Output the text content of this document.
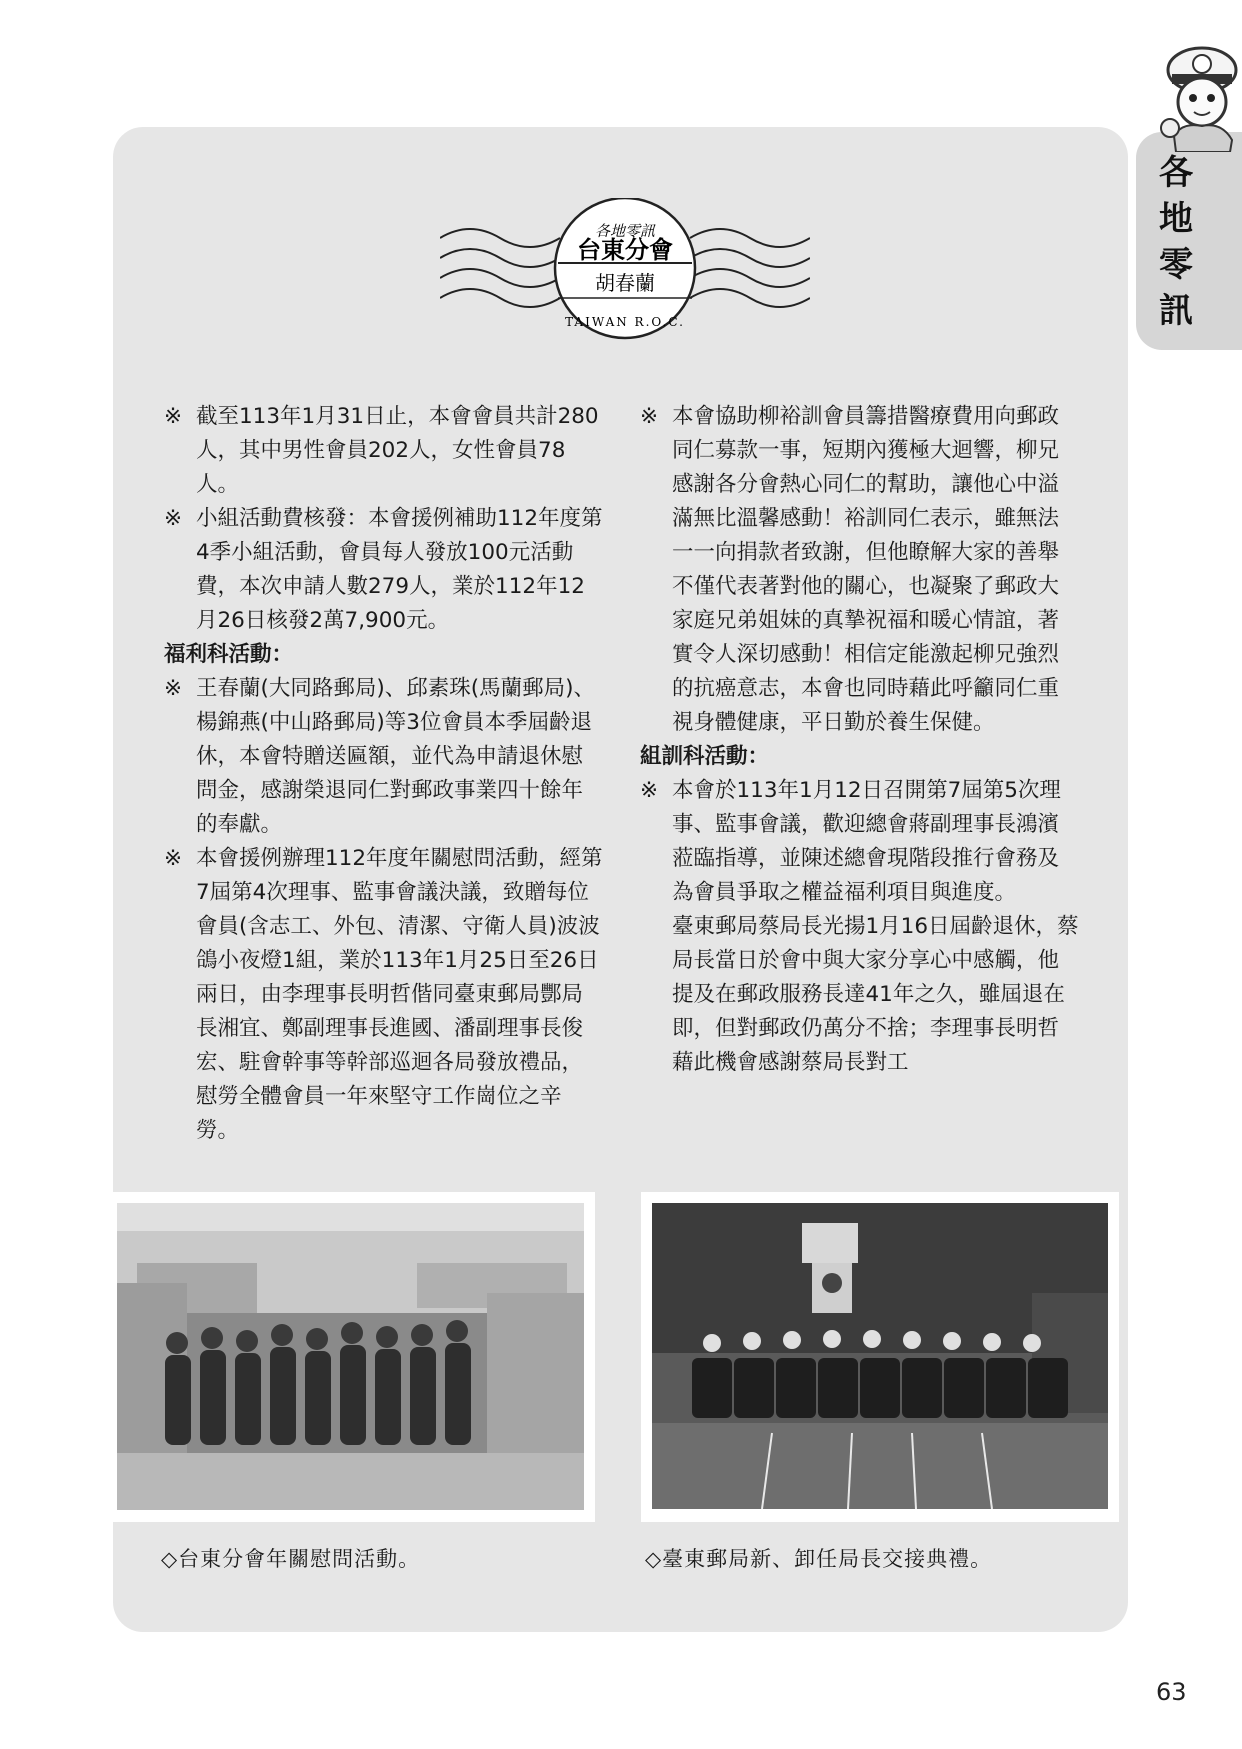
各
地
零
訊
各地零訊
台東分會
胡春蘭
TAIWAN R.O.C.
※ 截至113年1月31日止，本會會員共計280人，其中男性會員202人，女性會員78人。

※ 小組活動費核發：本會援例補助112年度第4季小組活動，會員每人發放100元活動費，本次申請人數279人，業於112年12月26日核發2萬7,900元。

福利科活動：

※ 王春蘭(大同路郵局)、邱素珠(馬蘭郵局)、楊錦燕(中山路郵局)等3位會員本季屆齡退休，本會特贈送匾額，並代為申請退休慰問金，感謝榮退同仁對郵政事業四十餘年的奉獻。

※ 本會援例辦理112年度年關慰問活動，經第7屆第4次理事、監事會議決議，致贈每位會員(含志工、外包、清潔、守衛人員)波波鴿小夜燈1組，業於113年1月25日至26日兩日，由李理事長明哲偕同臺東郵局酆局長湘宜、鄭副理事長進國、潘副理事長俊宏、駐會幹事等幹部巡迴各局發放禮品，慰勞全體會員一年來堅守工作崗位之辛勞。

※ 本會協助柳裕訓會員籌措醫療費用向郵政同仁募款一事，短期內獲極大迴響，柳兄感謝各分會熱心同仁的幫助，讓他心中溢滿無比溫馨感動！裕訓同仁表示，雖無法一一向捐款者致謝，但他瞭解大家的善舉不僅代表著對他的關心，也凝聚了郵政大家庭兄弟姐妹的真摯祝福和暖心情誼，著實令人深切感動！相信定能激起柳兄強烈的抗癌意志，本會也同時藉此呼籲同仁重視身體健康，平日勤於養生保健。

組訓科活動：

※ 本會於113年1月12日召開第7屆第5次理事、監事會議，歡迎總會蔣副理事長鴻濱蒞臨指導，並陳述總會現階段推行會務及為會員爭取之權益福利項目與進度。

臺東郵局蔡局長光揚1月16日屆齡退休，蔡局長當日於會中與大家分享心中感觸，他提及在郵政服務長達41年之久，雖屆退在即，但對郵政仍萬分不捨；李理事長明哲藉此機會感謝蔡局長對工

◇台東分會年關慰問活動。	◇臺東郵局新、卸任局長交接典禮。
63
